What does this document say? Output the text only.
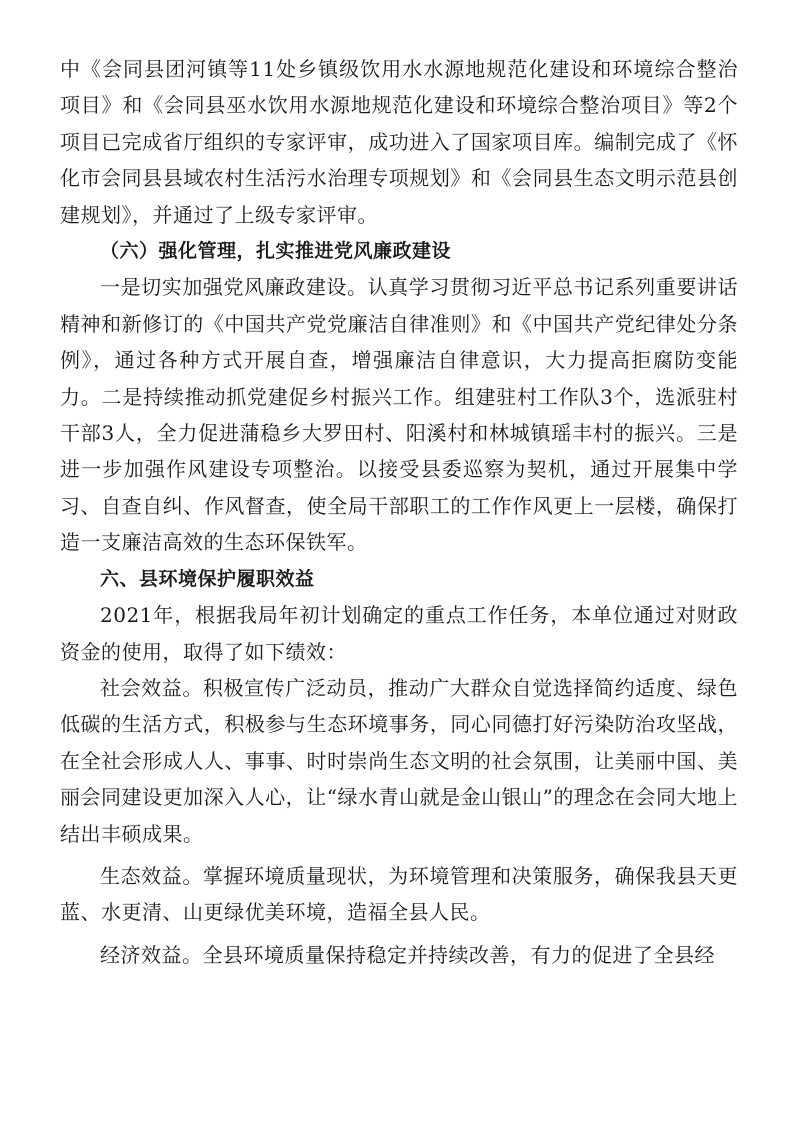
中《会同县团河镇等11处乡镇级饮用水水源地规范化建设和环境综合整治项目》和《会同县巫水饮用水源地规范化建设和环境综合整治项目》等2个项目已完成省厅组织的专家评审，成功进入了国家项目库。编制完成了《怀化市会同县县域农村生活污水治理专项规划》和《会同县生态文明示范县创建规划》，并通过了上级专家评审。

（六）强化管理，扎实推进党风廉政建设

一是切实加强党风廉政建设。认真学习贯彻习近平总书记系列重要讲话精神和新修订的《中国共产党党廉洁自律准则》和《中国共产党纪律处分条例》，通过各种方式开展自查，增强廉洁自律意识，大力提高拒腐防变能力。二是持续推动抓党建促乡村振兴工作。组建驻村工作队3个，选派驻村干部3人，全力促进蒲稳乡大罗田村、阳溪村和林城镇瑶丰村的振兴。三是进一步加强作风建设专项整治。以接受县委巡察为契机，通过开展集中学习、自查自纠、作风督查，使全局干部职工的工作作风更上一层楼，确保打造一支廉洁高效的生态环保铁军。

六、县环境保护履职效益

2021年，根据我局年初计划确定的重点工作任务，本单位通过对财政资金的使用，取得了如下绩效：

社会效益。积极宣传广泛动员，推动广大群众自觉选择简约适度、绿色低碳的生活方式，积极参与生态环境事务，同心同德打好污染防治攻坚战，在全社会形成人人、事事、时时崇尚生态文明的社会氛围，让美丽中国、美丽会同建设更加深入人心，让“绿水青山就是金山银山”的理念在会同大地上结出丰硕成果。

生态效益。掌握环境质量现状，为环境管理和决策服务，确保我县天更蓝、水更清、山更绿优美环境，造福全县人民。

经济效益。全县环境质量保持稳定并持续改善，有力的促进了全县经
